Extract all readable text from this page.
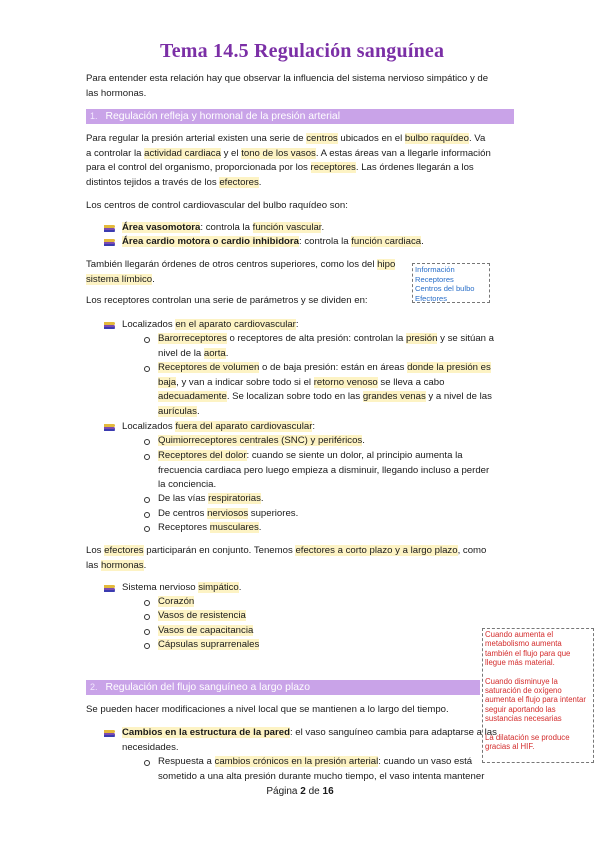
Tema 14.5 Regulación sanguínea
Para entender esta relación hay que observar la influencia del sistema nervioso simpático y de
las hormonas.
1. Regulación refleja y hormonal de la presión arterial
Para regular la presión arterial existen una serie de centros ubicados en el bulbo raquídeo. Va
a controlar la actividad cardiaca y el tono de los vasos. A estas áreas van a llegarle información
para el control del organismo, proporcionada por los receptores. Las órdenes llegarán a los
distintos tejidos a través de los efectores.
Los centros de control cardiovascular del bulbo raquídeo son:
Área vasomotora: controla la función vascular.
Área cardio motora o cardio inhibidora: controla la función cardiaca.
También llegarán órdenes de otros centros superiores, como los del hipo
sistema límbico.
Información
Receptores
Centros del bulbo
Efectores
Los receptores controlan una serie de parámetros y se dividen en:
Localizados en el aparato cardiovascular:
Barorreceptores o receptores de alta presión: controlan la presión y se sitúan a
nivel de la aorta.
Receptores de volumen o de baja presión: están en áreas donde la presión es
baja, y van a indicar sobre todo si el retorno venoso se lleva a cabo
adecuadamente. Se localizan sobre todo en las grandes venas y a nivel de las
aurículas.
Localizados fuera del aparato cardiovascular:
Quimiorreceptores centrales (SNC) y periféricos.
Receptores del dolor: cuando se siente un dolor, al principio aumenta la
frecuencia cardiaca pero luego empieza a disminuir, llegando incluso a perder
la conciencia.
De las vías respiratorias.
De centros nerviosos superiores.
Receptores musculares.
Los efectores participarán en conjunto. Tenemos efectores a corto plazo y a largo plazo, como
las hormonas.
Sistema nervioso simpático.
Corazón
Vasos de resistencia
Vasos de capacitancia
Cápsulas suprarrenales
2. Regulación del flujo sanguíneo a largo plazo
Se pueden hacer modificaciones a nivel local que se mantienen a lo largo del tiempo.
Cambios en la estructura de la pared: el vaso sanguíneo cambia para adaptarse a las
necesidades.
Respuesta a cambios crónicos en la presión arterial: cuando un vaso está
sometido a una alta presión durante mucho tiempo, el vaso intenta mantener

Cuando aumenta el metabolismo aumenta también el flujo para que llegue más material.

Cuando disminuye la saturación de oxígeno aumenta el flujo para intentar seguir aportando las sustancias necesarias

La dilatación se produce gracias al HIF.

Página 2 de 16
